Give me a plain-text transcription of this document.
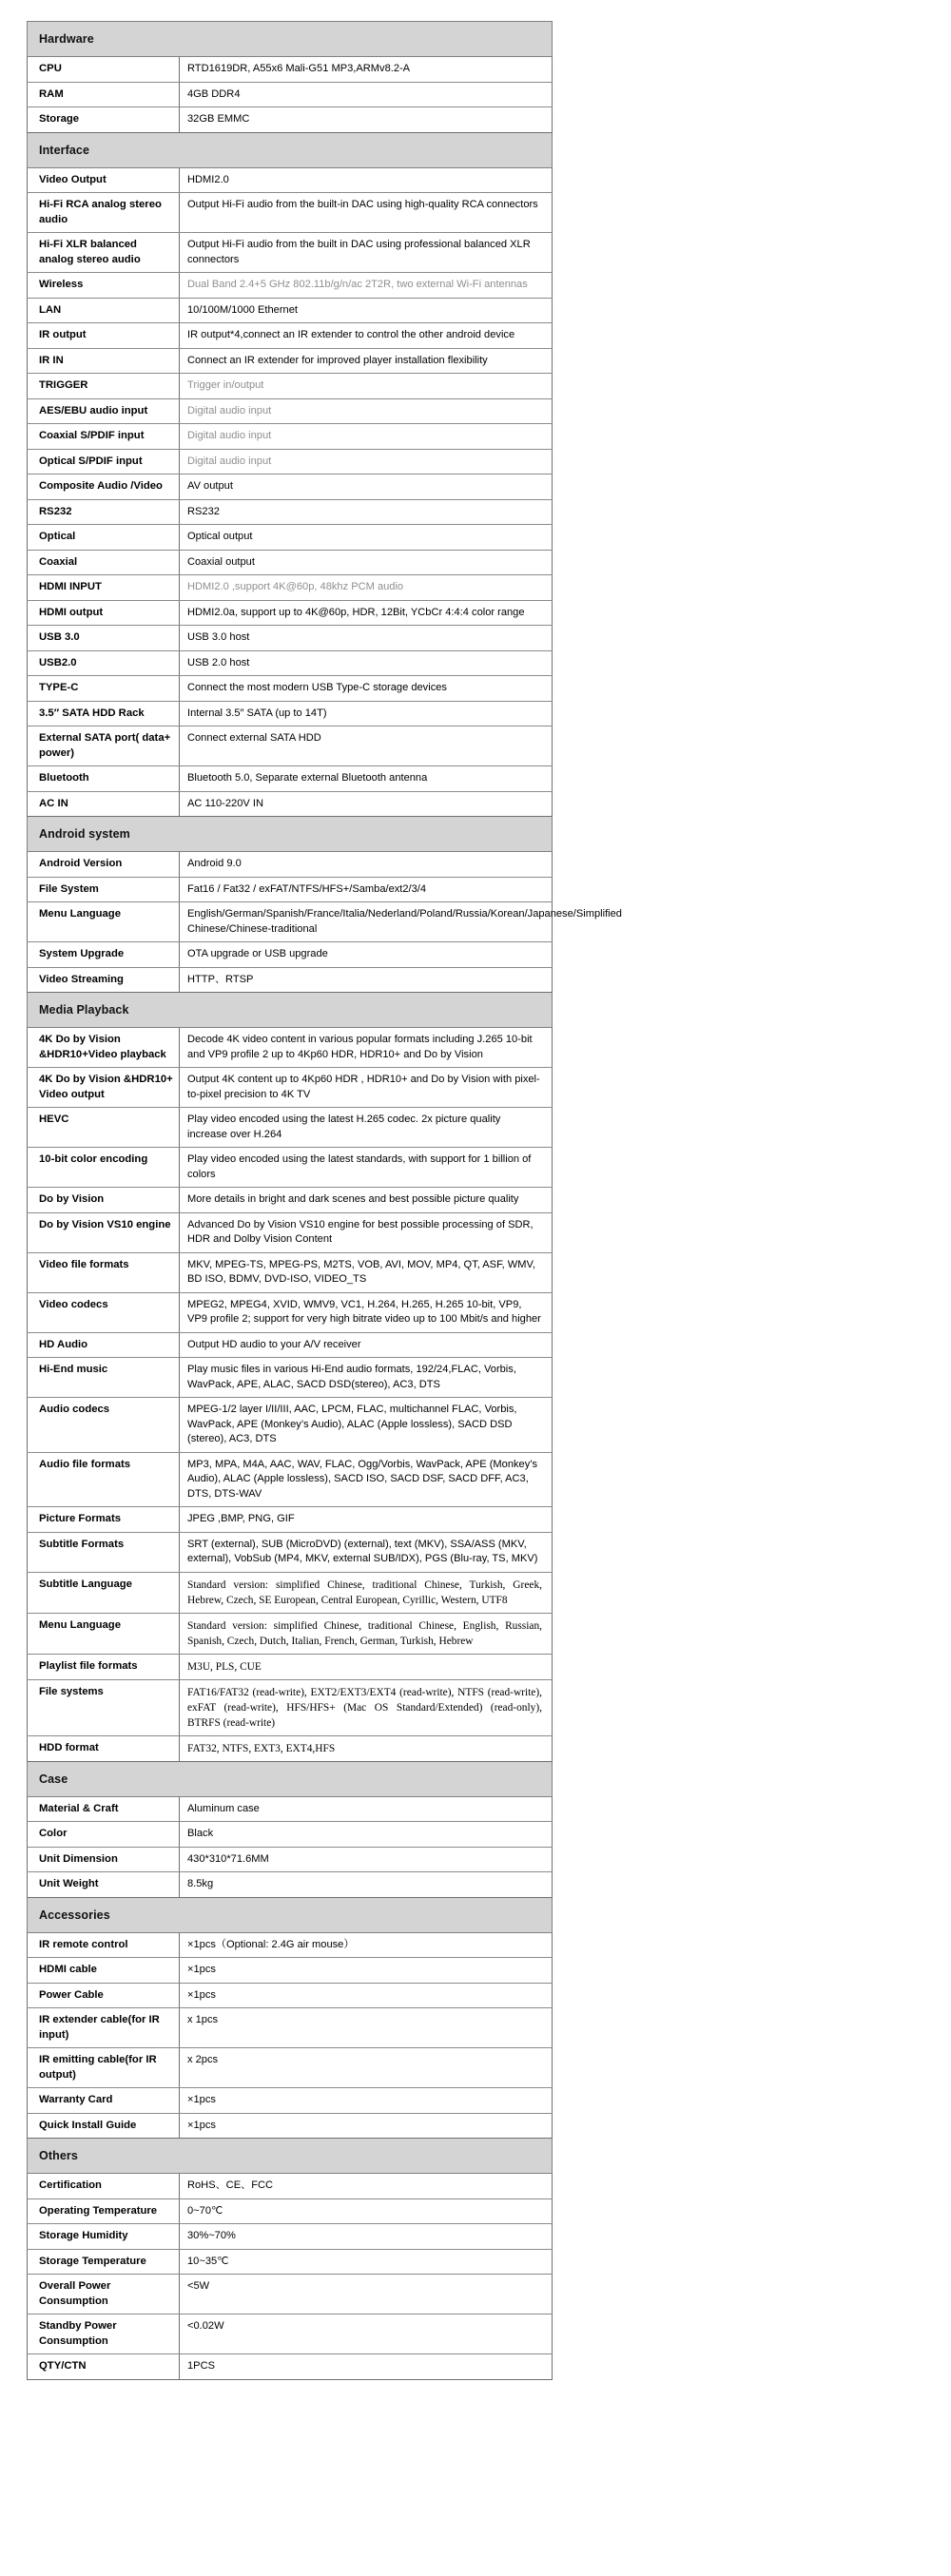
Hardware	
CPU	RTD1619DR, A55x6 Mali-G51 MP3,ARMv8.2-A
RAM	4GB DDR4
Storage	32GB EMMC
Interface	
Video Output	HDMI2.0
Hi-Fi RCA analog stereo audio	Output Hi-Fi audio from the built-in DAC using high-quality RCA connectors
Hi-Fi XLR balanced analog stereo audio	Output Hi-Fi audio from the built in DAC using professional balanced XLR connectors
Wireless	Dual Band 2.4+5 GHz 802.11b/g/n/ac 2T2R, two external Wi-Fi antennas
LAN	10/100M/1000 Ethernet
IR output	IR output*4,connect an IR extender to control the other android device
IR IN	Connect an IR extender for improved player installation flexibility
TRIGGER	Trigger in/output
AES/EBU audio input	Digital audio input
Coaxial S/PDIF input	Digital audio input
Optical S/PDIF input	Digital audio input
Composite Audio /Video	AV output
RS232	RS232
Optical	Optical output
Coaxial	Coaxial output
HDMI INPUT	HDMI2.0 ,support 4K@60p, 48khz PCM audio
HDMI output	HDMI2.0a, support up to 4K@60p, HDR, 12Bit, YCbCr 4:4:4 color range
USB 3.0	USB 3.0 host
USB2.0	USB 2.0 host
TYPE-C	Connect the most modern USB Type-C storage devices
3.5″ SATA HDD Rack	Internal 3.5″ SATA (up to 14T)
External SATA port( data+ power)	Connect external SATA HDD
Bluetooth	Bluetooth 5.0, Separate external Bluetooth antenna
AC IN	AC 110-220V IN
Android system	
Android Version	Android 9.0
File System	Fat16 / Fat32 / exFAT/NTFS/HFS+/Samba/ext2/3/4
Menu Language	English/German/Spanish/France/Italia/Nederland/Poland/Russia/Korean/Japanese/Simplified Chinese/Chinese-traditional
System Upgrade	OTA upgrade or USB upgrade
Video Streaming	HTTP、RTSP
Media Playback	
4K Do by Vision &HDR10+Video playback	Decode 4K video content in various popular formats including J.265 10-bit and VP9 profile 2 up to 4Kp60 HDR, HDR10+ and Do by Vision
4K Do by Vision &HDR10+ Video output	Output 4K content up to 4Kp60 HDR , HDR10+ and Do by Vision with pixel-to-pixel precision to 4K TV
HEVC	Play video encoded using the latest H.265 codec. 2x picture quality increase over H.264
10-bit color encoding	Play video encoded using the latest standards, with support for 1 billion of colors
Do by Vision	More details in bright and dark scenes and best possible picture quality
Do by Vision VS10 engine	Advanced Do by Vision VS10 engine for best possible processing of SDR, HDR and Dolby Vision Content
Video file formats	MKV, MPEG-TS, MPEG-PS, M2TS, VOB, AVI, MOV, MP4, QT, ASF, WMV, BD ISO, BDMV, DVD-ISO, VIDEO_TS
Video codecs	MPEG2, MPEG4, XVID, WMV9, VC1, H.264, H.265, H.265 10-bit, VP9, VP9 profile 2; support for very high bitrate video up to 100 Mbit/s and higher
HD Audio	Output HD audio to your A/V receiver
Hi-End music	Play music files in various Hi-End audio formats, 192/24,FLAC, Vorbis, WavPack, APE, ALAC, SACD DSD(stereo), AC3, DTS
Audio codecs	MPEG-1/2 layer I/II/III, AAC, LPCM, FLAC, multichannel FLAC, Vorbis, WavPack, APE (Monkey’s Audio), ALAC (Apple lossless), SACD DSD (stereo), AC3, DTS
Audio file formats	MP3, MPA, M4A, AAC, WAV, FLAC, Ogg/Vorbis, WavPack, APE (Monkey’s Audio), ALAC (Apple lossless), SACD ISO, SACD DSF, SACD DFF, AC3, DTS, DTS-WAV
Picture Formats	JPEG ,BMP, PNG, GIF
Subtitle Formats	SRT (external), SUB (MicroDVD) (external), text (MKV), SSA/ASS (MKV, external), VobSub (MP4, MKV, external SUB/IDX), PGS (Blu-ray, TS, MKV)
Subtitle Language	Standard version: simplified Chinese, traditional Chinese, Turkish, Greek, Hebrew, Czech, SE European, Central European, Cyrillic, Western, UTF8
Menu Language	Standard version: simplified Chinese, traditional Chinese, English, Russian, Spanish, Czech, Dutch, Italian, French, German, Turkish, Hebrew
Playlist file formats	M3U, PLS, CUE
File systems	FAT16/FAT32 (read-write), EXT2/EXT3/EXT4 (read-write), NTFS (read-write), exFAT (read-write), HFS/HFS+ (Mac OS Standard/Extended) (read-only), BTRFS (read-write)
HDD format	FAT32, NTFS, EXT3, EXT4,HFS
Case	
Material & Craft	Aluminum case
Color	Black
Unit Dimension	430*310*71.6MM
Unit Weight	8.5kg
Accessories	
IR remote control	×1pcs（Optional: 2.4G air mouse）
HDMI cable	×1pcs
Power Cable	×1pcs
IR extender cable(for IR input)	x 1pcs
IR emitting cable(for IR output)	x 2pcs
Warranty Card	×1pcs
Quick Install Guide	×1pcs
Others	
Certification	RoHS、CE、FCC
Operating Temperature	0~70℃
Storage Humidity	30%~70%
Storage Temperature	10~35℃
Overall Power Consumption	<5W
Standby Power Consumption	<0.02W
QTY/CTN	1PCS
